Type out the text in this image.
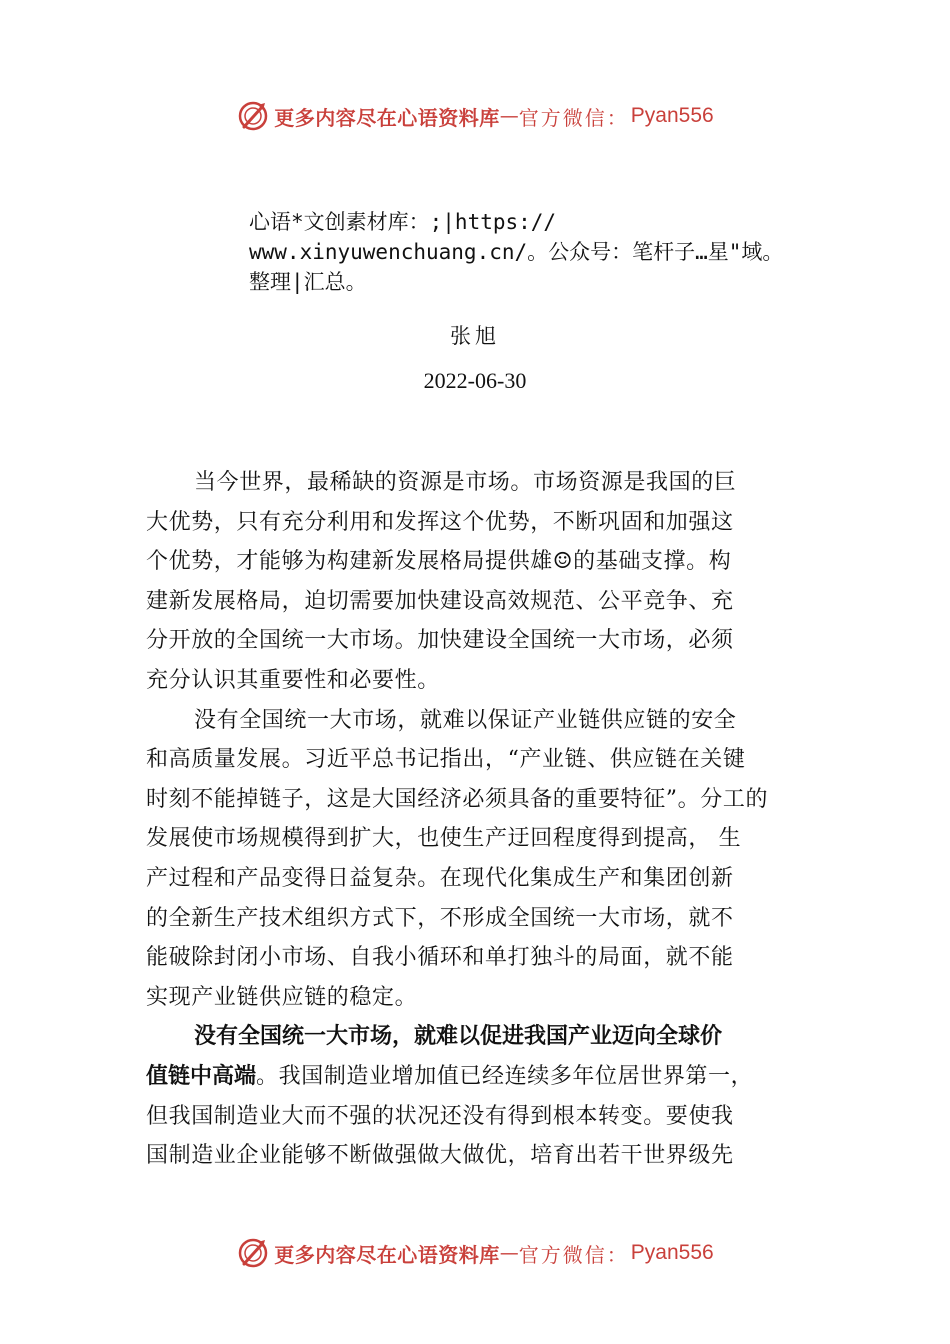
更多内容尽在心语资料库 — 官方微信： Pyan556
心语*文创素材库：;|https://
www.xinyuwenchuang.cn/。公众号：笔杆子…星"域。
整理|汇总。
张旭
2022-06-30
当今世界，最稀缺的资源是市场。市场资源是我国的巨
大优势，只有充分利用和发挥这个优势，不断巩固和加强这
个优势，才能够为构建新发展格局提供雄☺的基础支撑。构
建新发展格局，迫切需要加快建设高效规范、公平竞争、充
分开放的全国统一大市场。加快建设全国统一大市场，必须
充分认识其重要性和必要性。
没有全国统一大市场，就难以保证产业链供应链的安全
和高质量发展。习近平总书记指出，“产业链、供应链在关键
时刻不能掉链子，这是大国经济必须具备的重要特征”。分工的
发展使市场规模得到扩大，也使生产迂回程度得到提高， 生
产过程和产品变得日益复杂。在现代化集成生产和集团创新
的全新生产技术组织方式下，不形成全国统一大市场，就不
能破除封闭小市场、自我小循环和单打独斗的局面，就不能
实现产业链供应链的稳定。
没有全国统一大市场，就难以促进我国产业迈向全球价
值链中高端。我国制造业增加值已经连续多年位居世界第一，
但我国制造业大而不强的状况还没有得到根本转变。要使我
国制造业企业能够不断做强做大做优，培育出若干世界级先
更多内容尽在心语资料库 — 官方微信： Pyan556
